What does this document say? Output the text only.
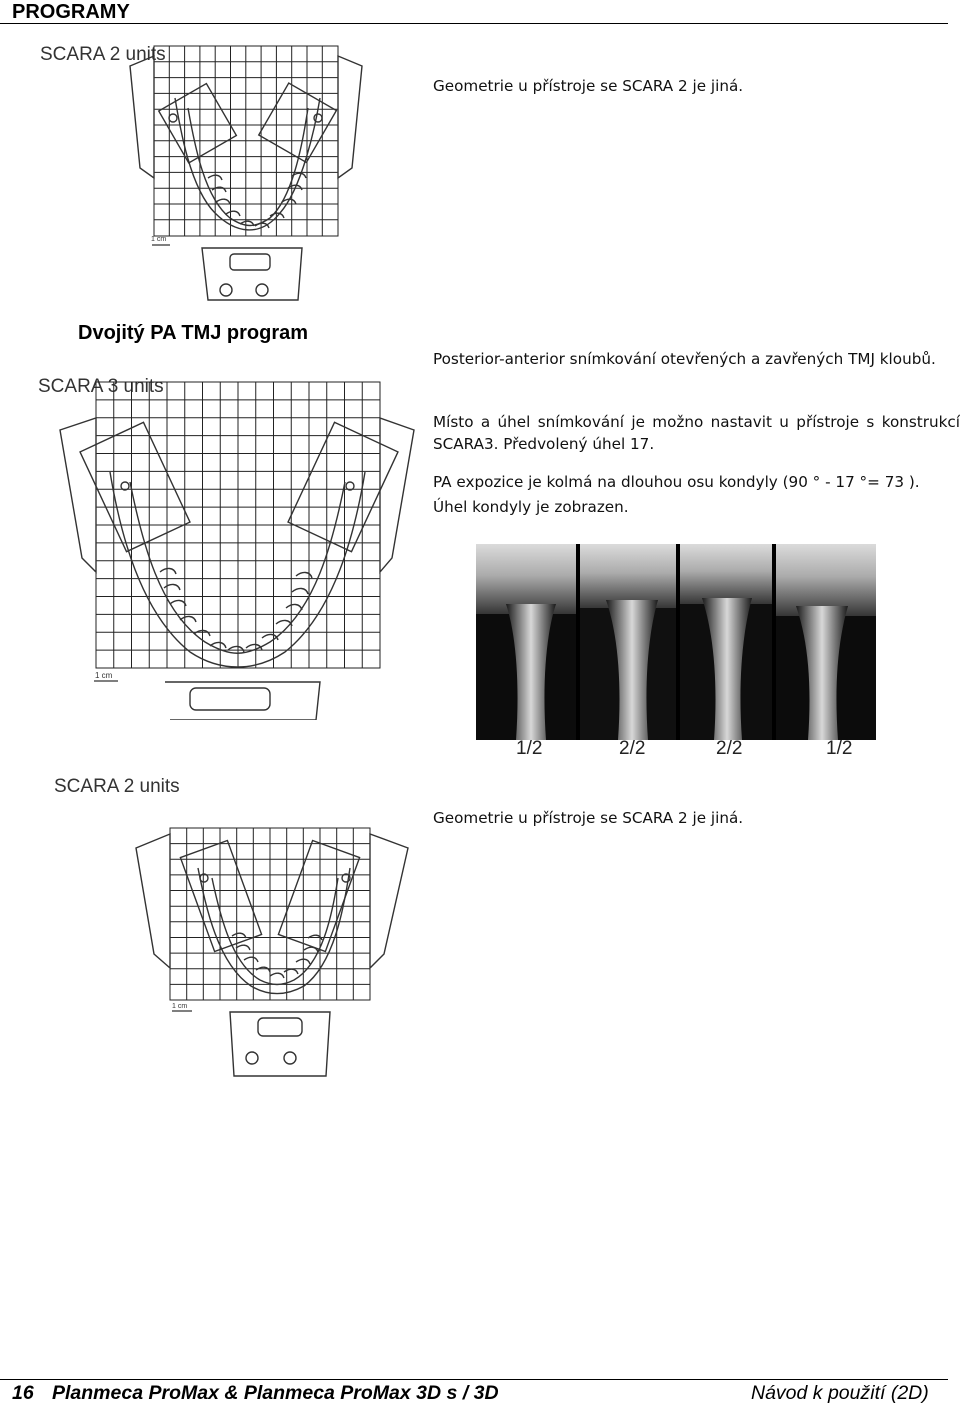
PROGRAMY
SCARA 2 units
1 cm
Geometrie u přístroje se SCARA 2 je jiná.
Dvojitý PA TMJ program
Posterior-anterior snímkování otevřených a zavřených TMJ kloubů.
Místo a úhel snímkování je možno nastavit u přístroje s konstrukcí SCARA3. Předvolený úhel 17.
PA expozice je kolmá na dlouhou osu kondyly (90 ° - 17 °= 73 ).
Úhel kondyly je zobrazen.
SCARA 3 units
1 cm
1/2	2/2	2/2	1/2
SCARA 2 units
1 cm
Geometrie u přístroje se SCARA 2 je jiná.
16 Planmeca ProMax & Planmeca ProMax 3D s / 3D	Návod k použití (2D)
